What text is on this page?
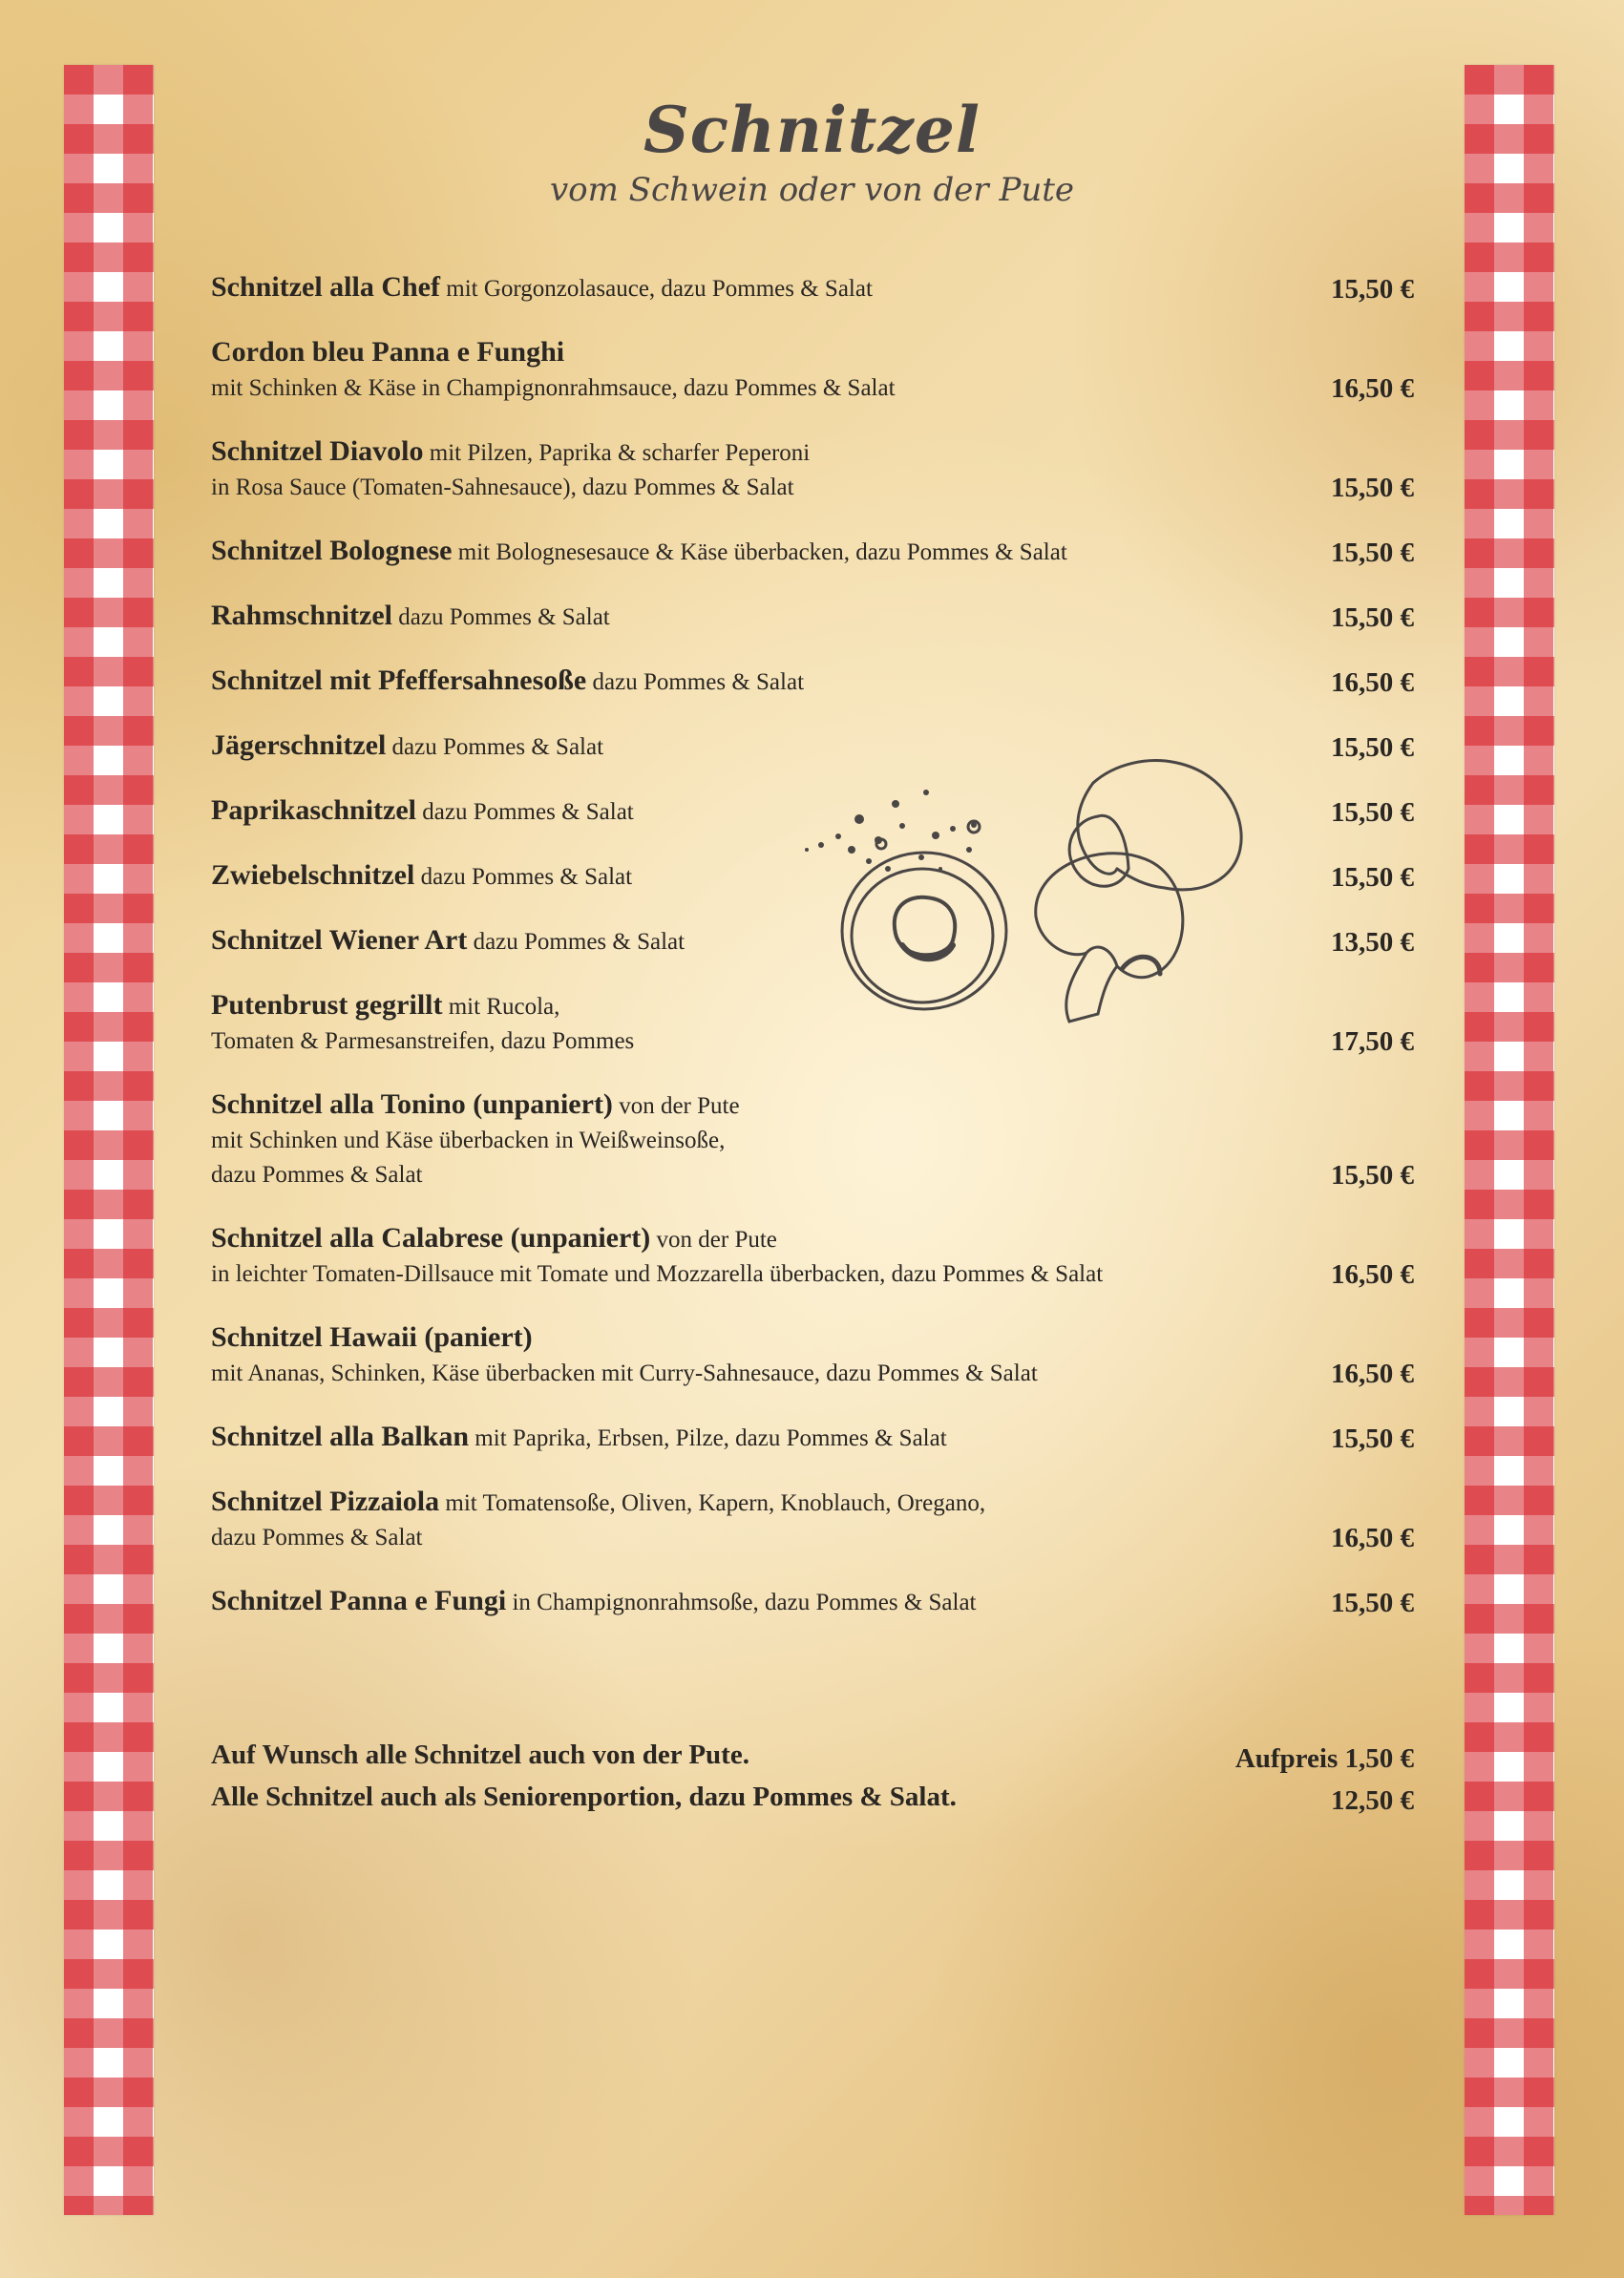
Schnitzel
vom Schwein oder von der Pute
Schnitzel alla Chef mit Gorgonzolasauce, dazu Pommes & Salat	15,50 €
Cordon bleu Panna e Funghi
mit Schinken & Käse in Champignonrahmsauce, dazu Pommes & Salat	16,50 €
Schnitzel Diavolo mit Pilzen, Paprika & scharfer Peperoni
in Rosa Sauce (Tomaten-Sahnesauce), dazu Pommes & Salat	15,50 €
Schnitzel Bolognese mit Bolognesesauce & Käse überbacken, dazu Pommes & Salat	15,50 €
Rahmschnitzel dazu Pommes & Salat	15,50 €
Schnitzel mit Pfeffersahnesoße dazu Pommes & Salat	16,50 €
Jägerschnitzel dazu Pommes & Salat	15,50 €
Paprikaschnitzel dazu Pommes & Salat	15,50 €
Zwiebelschnitzel dazu Pommes & Salat	15,50 €
Schnitzel Wiener Art dazu Pommes & Salat	13,50 €
Putenbrust gegrillt mit Rucola,
Tomaten & Parmesanstreifen, dazu Pommes	17,50 €
Schnitzel alla Tonino (unpaniert) von der Pute
mit Schinken und Käse überbacken in Weißweinsoße,
dazu Pommes & Salat	15,50 €
Schnitzel alla Calabrese (unpaniert) von der Pute
in leichter Tomaten-Dillsauce mit Tomate und Mozzarella überbacken, dazu Pommes & Salat	16,50 €
Schnitzel Hawaii (paniert)
mit Ananas, Schinken, Käse überbacken mit Curry-Sahnesauce, dazu Pommes & Salat	16,50 €
Schnitzel alla Balkan mit Paprika, Erbsen, Pilze, dazu Pommes & Salat	15,50 €
Schnitzel Pizzaiola mit Tomatensoße, Oliven, Kapern, Knoblauch, Oregano,
dazu Pommes & Salat	16,50 €
Schnitzel Panna e Fungi in Champignonrahmsoße, dazu Pommes & Salat	15,50 €
Auf Wunsch alle Schnitzel auch von der Pute.	Aufpreis 1,50 €
Alle Schnitzel auch als Seniorenportion, dazu Pommes & Salat.	12,50 €
